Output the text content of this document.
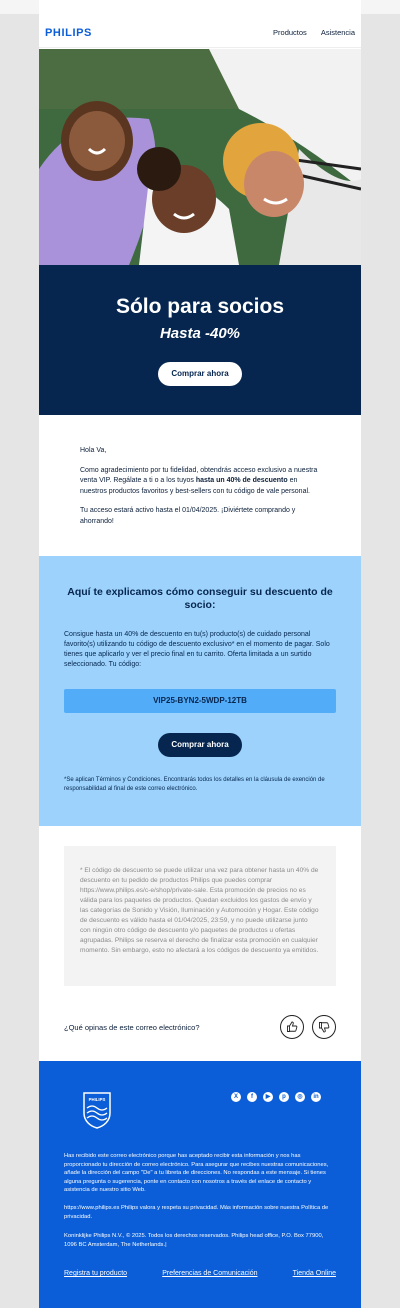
PHILIPS	Productos Asistencia
Sólo para socios
Hasta -40%
Comprar ahora

Hola Va,

Como agradecimiento por tu fidelidad, obtendrás acceso exclusivo a nuestra venta VIP. Regálate a ti o a los tuyos hasta un 40% de descuento en nuestros productos favoritos y best-sellers con tu código de vale personal.

Tu acceso estará activo hasta el 01/04/2025. ¡Diviértete comprando y ahorrando!

Aquí te explicamos cómo conseguir su descuento de socio:
Consigue hasta un 40% de descuento en tu(s) producto(s) de cuidado personal favorito(s) utilizando tu código de descuento exclusivo* en el momento de pagar. Solo tienes que aplicarlo y ver el precio final en tu carrito. Oferta limitada a un surtido seleccionado. Tu código:
VIP25-BYN2-5WDP-12TB
Comprar ahora
*Se aplican Términos y Condiciones. Encontrarás todos los detalles en la cláusula de exención de responsabilidad al final de este correo electrónico.
* El código de descuento se puede utilizar una vez para obtener hasta un 40% de descuento en tu pedido de productos Philips que puedes comprar https://www.philips.es/c-e/shop/private-sale. Esta promoción de precios no es válida para los paquetes de productos. Quedan excluidos los gastos de envío y las categorías de Sonido y Visión, Iluminación y Automoción y Hogar. Este código de descuento es válido hasta el 01/04/2025, 23:59, y no puede utilizarse junto con ningún otro código de descuento y/o paquetes de productos u ofertas agrupadas. Philips se reserva el derecho de finalizar esta promoción en cualquier momento. Sin embargo, esto no afectará a los códigos de descuento ya emitidos.
¿Qué opinas de este correo electrónico?
PHILIPS	X	f	▶	p	◎	in
Has recibido este correo electrónico porque has aceptado recibir esta información y nos has proporcionado tu dirección de correo electrónico. Para asegurar que recibes nuestras comunicaciones, añade la dirección del campo "De" a tu libreta de direcciones. No respondas a este mensaje. Si tienes alguna pregunta o sugerencia, ponte en contacto con nosotros a través del enlace de contacto y asistencia de nuestro sitio Web.
https://www.philips.es Philips valora y respeta su privacidad. Más información sobre nuestra Política de privacidad.
Koninklijke Philips N.V., © 2025. Todos los derechos reservados. Philips head office, P.O. Box 77900, 1096 BC Amsterdam, The Netherlands.|
Registra tu producto	Preferencias de Comunicación	Tienda Online
